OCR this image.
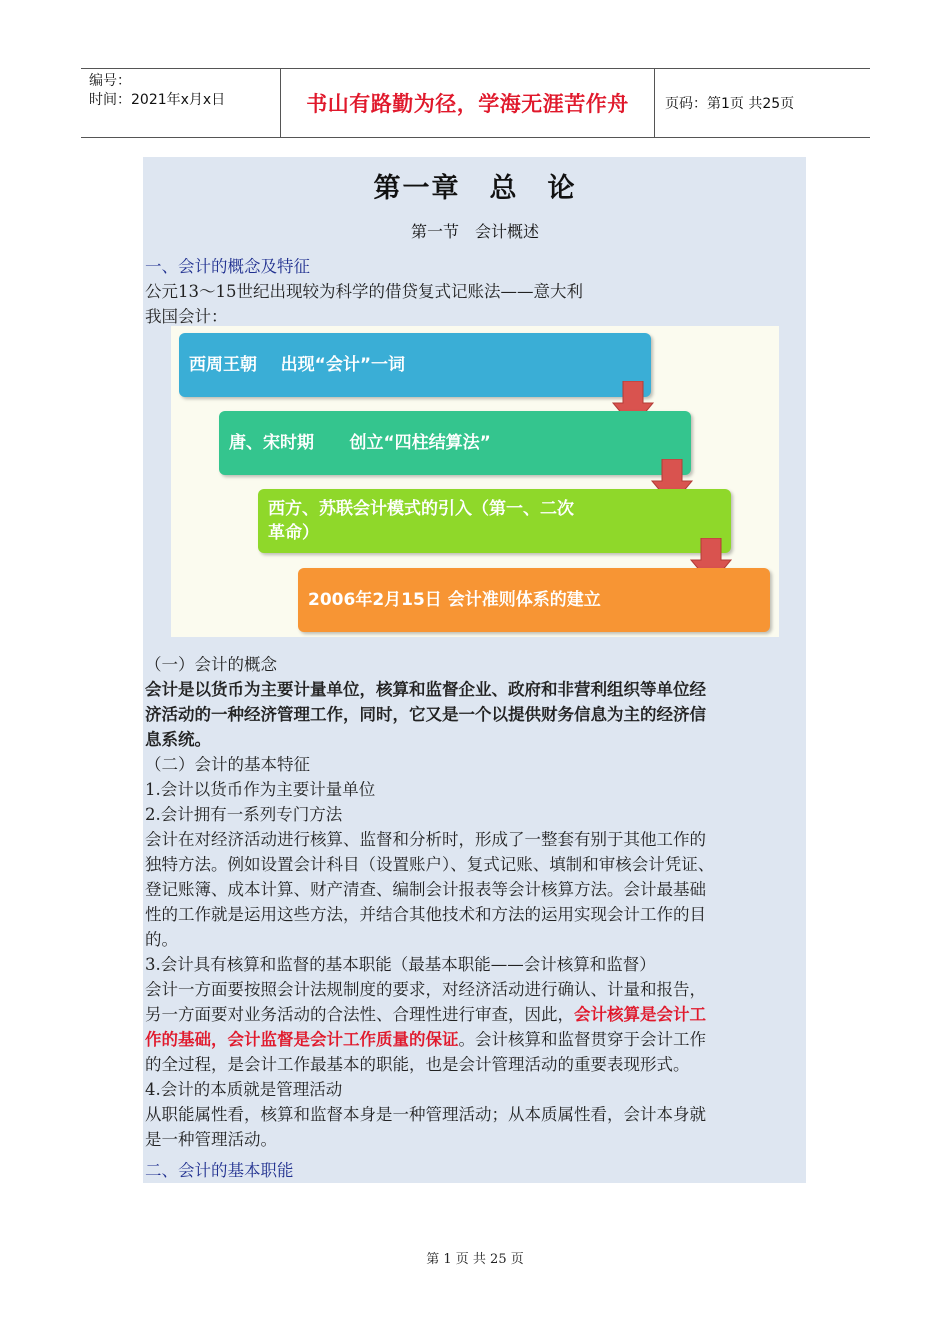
编号：
时间：2021年x月x日	书山有路勤为径，学海无涯苦作舟	页码：第1页 共25页
第一章　总　论
第一节　会计概述
一、会计的概念及特征
公元13～15世纪出现较为科学的借贷复式记账法——意大利
我国会计：
西周王朝    出现“会计”一词
唐、宋时期      创立“四柱结算法”
西方、苏联会计模式的引入（第一、二次
革命）
2006年2月15日 会计准则体系的建立
（一）会计的概念
会计是以货币为主要计量单位，核算和监督企业、政府和非营利组织等单位经
济活动的一种经济管理工作，同时，它又是一个以提供财务信息为主的经济信
息系统。
（二）会计的基本特征
1.会计以货币作为主要计量单位
2.会计拥有一系列专门方法
会计在对经济活动进行核算、监督和分析时，形成了一整套有别于其他工作的
独特方法。例如设置会计科目（设置账户）、复式记账、填制和审核会计凭证、
登记账簿、成本计算、财产清查、编制会计报表等会计核算方法。会计最基础
性的工作就是运用这些方法，并结合其他技术和方法的运用实现会计工作的目
的。
3.会计具有核算和监督的基本职能（最基本职能——会计核算和监督）
会计一方面要按照会计法规制度的要求，对经济活动进行确认、计量和报告，
另一方面要对业务活动的合法性、合理性进行审查，因此，会计核算是会计工
作的基础，会计监督是会计工作质量的保证。会计核算和监督贯穿于会计工作
的全过程，是会计工作最基本的职能，也是会计管理活动的重要表现形式。
4.会计的本质就是管理活动
从职能属性看，核算和监督本身是一种管理活动；从本质属性看，会计本身就
是一种管理活动。
二、会计的基本职能
第 1 页 共 25 页
